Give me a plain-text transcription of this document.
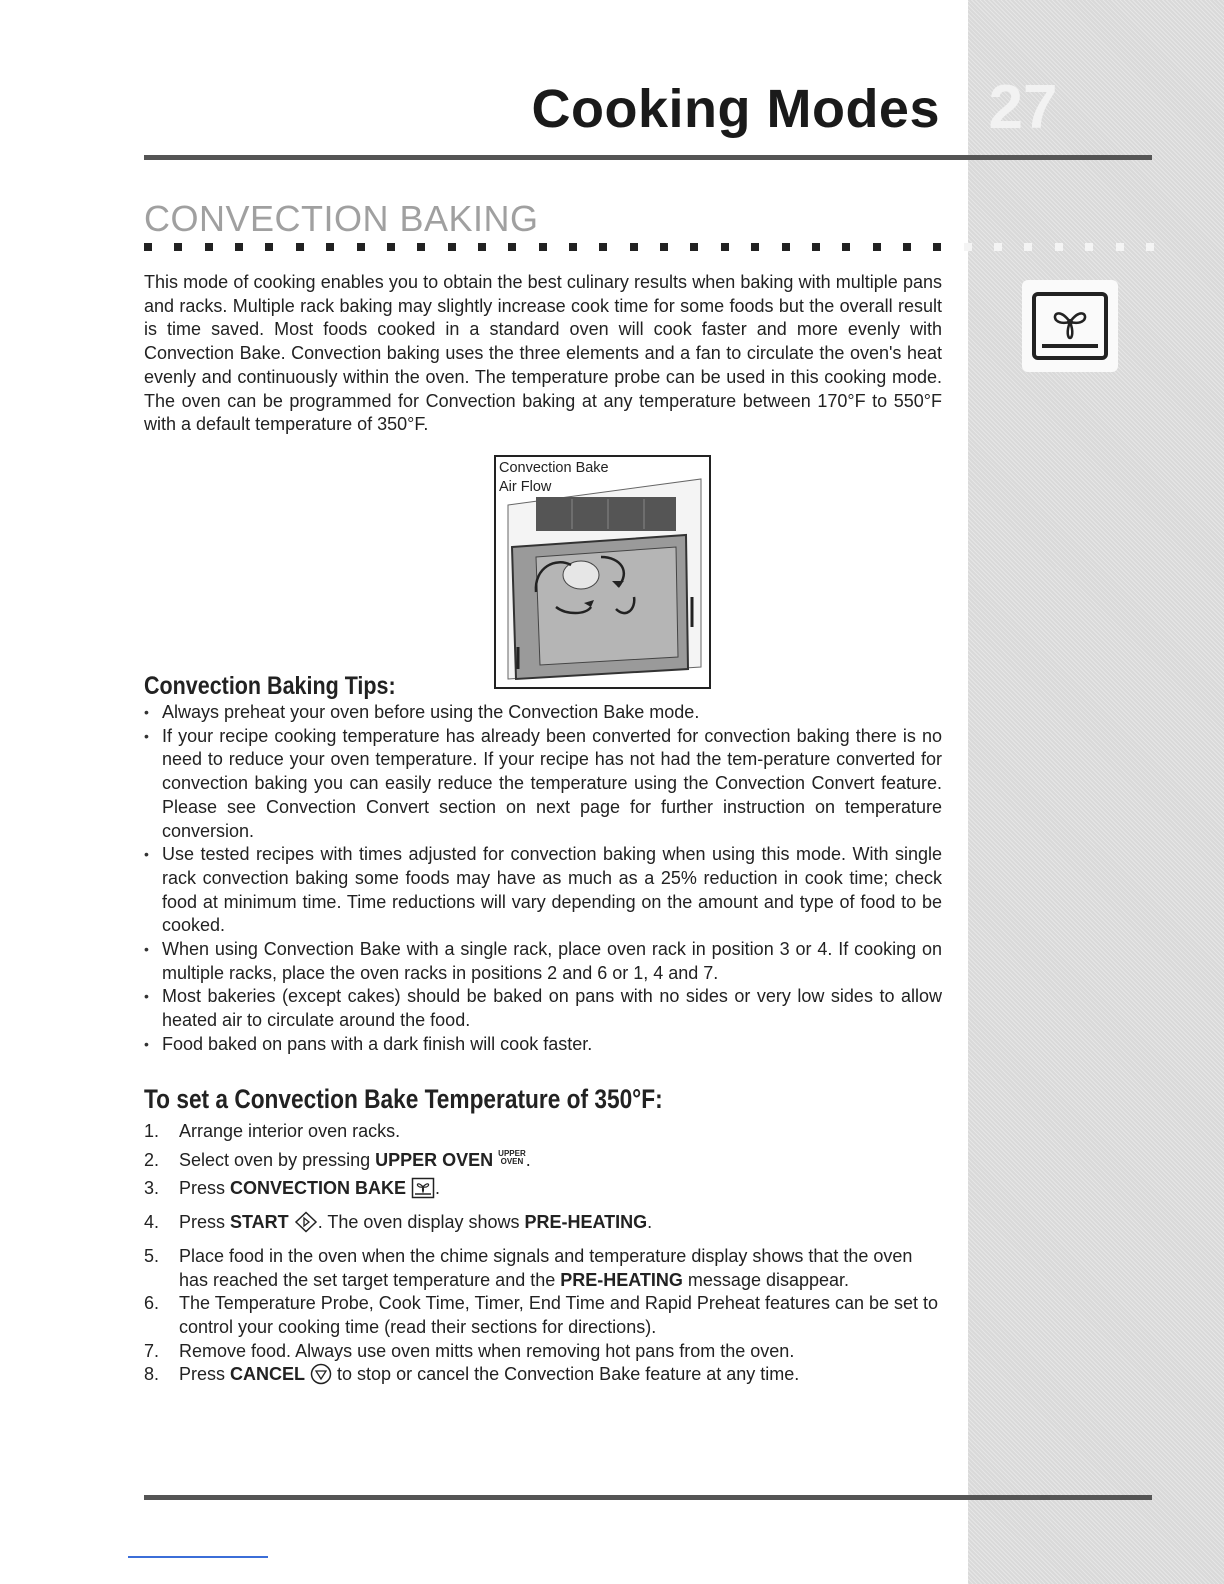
Cooking Modes 27
CONVECTION BAKING
This mode of cooking enables you to obtain the best culinary results when baking with multiple pans and racks. Multiple rack baking may slightly increase cook time for some foods but the overall result is time saved. Most foods cooked in a standard oven will cook faster and more evenly with Convection Bake. Convection baking uses the three elements and a fan to circulate the oven's heat evenly and continuously within the oven. The temperature probe can be used in this cooking mode. The oven can be programmed for Convection baking at any temperature between 170°F to 550°F with a default temperature of 350°F.
Convection Bake
Air Flow
Convection Baking Tips:
• Always preheat your oven before using the Convection Bake mode.
• If your recipe cooking temperature has already been converted for convection baking there is no need to reduce your oven temperature. If your recipe has not had the tem-perature converted for convection baking you can easily reduce the temperature using the Convection Convert feature. Please see Convection Convert section on next page for further instruction on temperature conversion.
• Use tested recipes with times adjusted for convection baking when using this mode. With single rack convection baking some foods may have as much as a 25% reduction in cook time; check food at minimum time. Time reductions will vary depending on the amount and type of food to be cooked.
• When using Convection Bake with a single rack, place oven rack in position 3 or 4. If cooking on multiple racks, place the oven racks in positions 2 and 6 or 1, 4 and 7.
• Most bakeries (except cakes) should be baked on pans with no sides or very low sides to allow heated air to circulate around the food.
• Food baked on pans with a dark finish will cook faster.
To set a Convection Bake Temperature of 350°F:
1. Arrange interior oven racks.
2. Select oven by pressing UPPER OVEN UPPER
OVEN .
3. Press CONVECTION BAKE .
4. Press START . The oven display shows PRE-HEATING.
5. Place food in the oven when the chime signals and temperature display shows that the oven has reached the set target temperature and the PRE-HEATING message disappear.
6. The Temperature Probe, Cook Time, Timer, End Time and Rapid Preheat features can be set to control your cooking time (read their sections for directions).
7. Remove food. Always use oven mitts when removing hot pans from the oven.
8. Press CANCEL  to stop or cancel the Convection Bake feature at any time.
